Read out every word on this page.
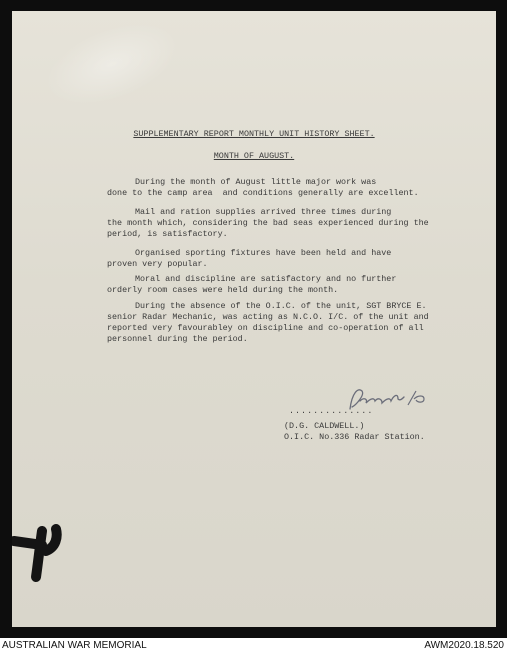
SUPPLEMENTARY REPORT MONTHLY UNIT HISTORY SHEET.
MONTH OF AUGUST.
During the month of August little major work was
done to the camp area  and conditions generally are excellent.
Mail and ration supplies arrived three times during
the month which, considering the bad seas experienced during the
period, is satisfactory.
Organised sporting fixtures have been held and have
proven very popular.
Moral and discipline are satisfactory and no further
orderly room cases were held during the month.
During the absence of the O.I.C. of the unit, SGT BRYCE E.
senior Radar Mechanic, was acting as N.C.O. I/C. of the unit and
reported very favourabley on discipline and co-operation of all
personnel during the period.
..............
(D.G. CALDWELL.)
O.I.C. No.336 Radar Station.
AUSTRALIAN WAR MEMORIAL	AWM2020.18.520
